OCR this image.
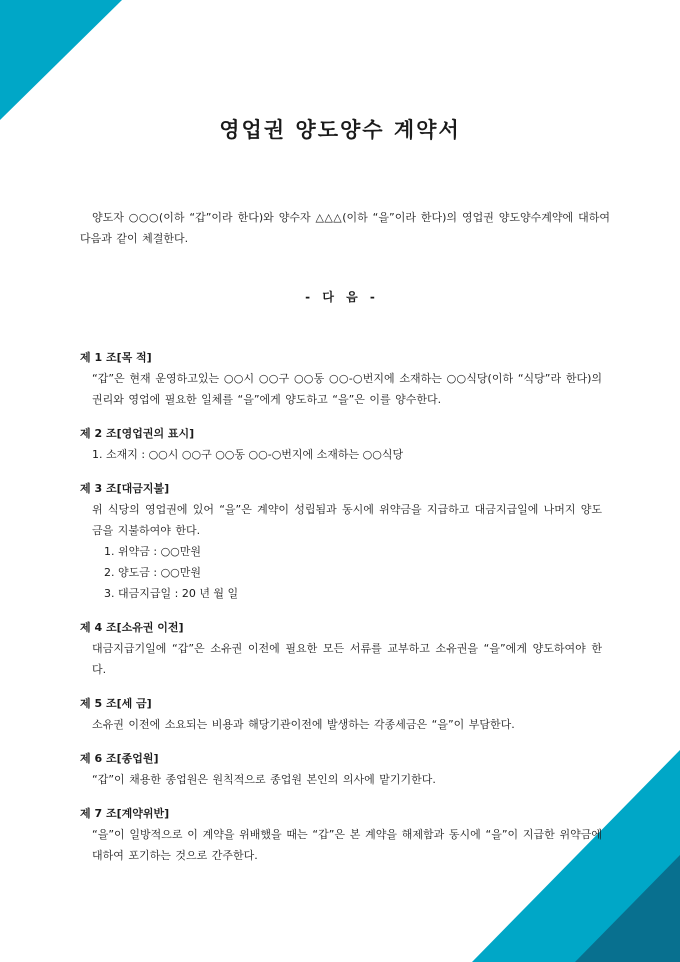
영업권 양도양수 계약서
양도자 ○○○(이하 “갑”이라 한다)와 양수자 △△△(이하 “을”이라 한다)의 영업권 양도양수계약에 대하여 다음과 같이 체결한다.
- 다 음 -
제 1 조[목 적]
“갑”은 현재 운영하고있는 ○○시 ○○구 ○○동 ○○-○번지에 소재하는 ○○식당(이하 “식당”라 한다)의 권리와 영업에 필요한 일체를 “을”에게 양도하고 “을”은 이를 양수한다.
제 2 조[영업권의 표시]
1. 소재지 : ○○시 ○○구 ○○동 ○○-○번지에 소재하는 ○○식당
제 3 조[대금지불]
위 식당의 영업권에 있어 “을”은 계약이 성립됨과 동시에 위약금을 지급하고 대금지급일에 나머지 양도금을 지불하여야 한다.
1. 위약금 : ○○만원
2. 양도금 : ○○만원
3. 대금지급일 : 20 년 월 일
제 4 조[소유권 이전]
대금지급기일에 “갑”은 소유권 이전에 필요한 모든 서류를 교부하고 소유권을 “을”에게 양도하여야 한다.
제 5 조[세 금]
소유권 이전에 소요되는 비용과 해당기관이전에 발생하는 각종세금은 “을”이 부담한다.
제 6 조[종업원]
“갑”이 채용한 종업원은 원칙적으로 종업원 본인의 의사에 맡기기한다.
제 7 조[계약위반]
“을”이 일방적으로 이 계약을 위배했을 때는 “갑”은 본 계약을 해제함과 동시에 “을”이 지급한 위약금에 대하여 포기하는 것으로 간주한다.
